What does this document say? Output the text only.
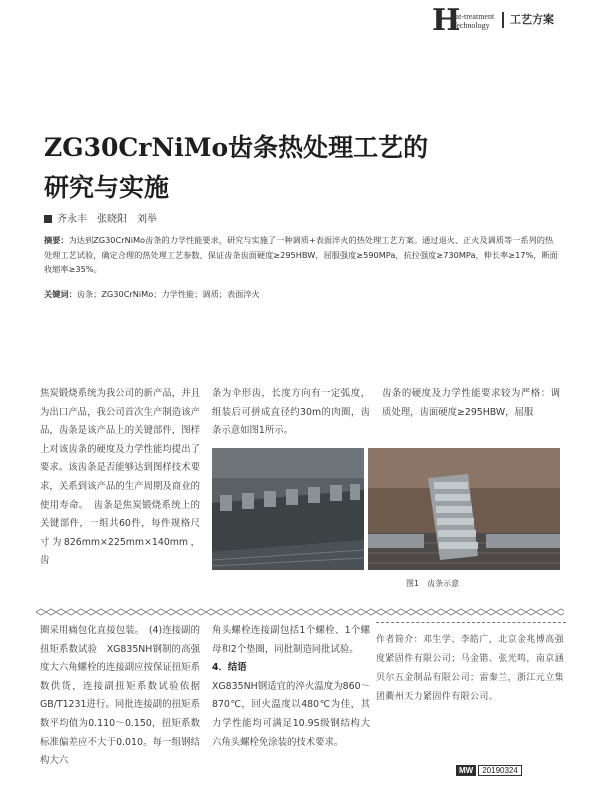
H
eat-treatment
Technology	工艺方案
ZG30CrNiMo齿条热处理工艺的
研究与实施
齐永丰　张晓阳　刘举
摘要：为达到ZG30CrNiMo齿条的力学性能要求，研究与实施了一种调质+表面淬火的热处理工艺方案。通过退火、正火及调质等一系列的热处理工艺试验，确定合理的热处理工艺参数，保证齿条齿面硬度≥295HBW，屈服强度≥590MPa，抗拉强度≥730MPa，伸长率≥17%，断面收缩率≥35%。
关键词：齿条；ZG30CrNiMo；力学性能；调质；表面淬火
焦炭锻烧系统为我公司的新产品，并且为出口产品，我公司首次生产制造该产品，齿条是该产品上的关键部件，图样上对该齿条的硬度及力学性能均提出了要求。该齿条是否能够达到图样技术要求，关系到该产品的生产周期及商业的使用寿命。　齿条是焦炭锻烧系统上的关键部件，一组共60件，每件规格尺寸为826mm×225mm×140mm，齿
条为伞形齿，长度方向有一定弧度，组装后可拼成直径约30m的肉圈，齿条示意如图1所示。
齿条的硬度及力学性能要求较为严格：调质处理，齿面硬度≥295HBW，屈服
图1　齿条示意
圈采用痛包化直接包装。　(4)连接副的扭矩系数试验　XG835NH钢制的高强度大六角螺栓的连接副应按保证扭矩系数供货，连接副扭矩系数试验依据GB/T1231进行。同批连接副的扭矩系数平均值为0.110～0.150，扭矩系数标准偏差应不大于0.010。每一组钢结构大六
角头螺栓连接副包括1个螺栓、1个螺母和2个垫圈，同批制造同批试验。
4．结语
XG835NH钢适宜的淬火温度为860～870℃，回火温度以480℃为佳，其力学性能均可满足10.9S级钢结构大六角头螺栓免涂装的技术要求。

作者简介：邓生学、李皓广，北京金兆博高强度紧固件有限公司；马金锴、张光鸣，南京涵贝尔五金制品有限公司；雷秦兰，浙江元立集团衢州天力紧固件有限公司。

MW 20190324
